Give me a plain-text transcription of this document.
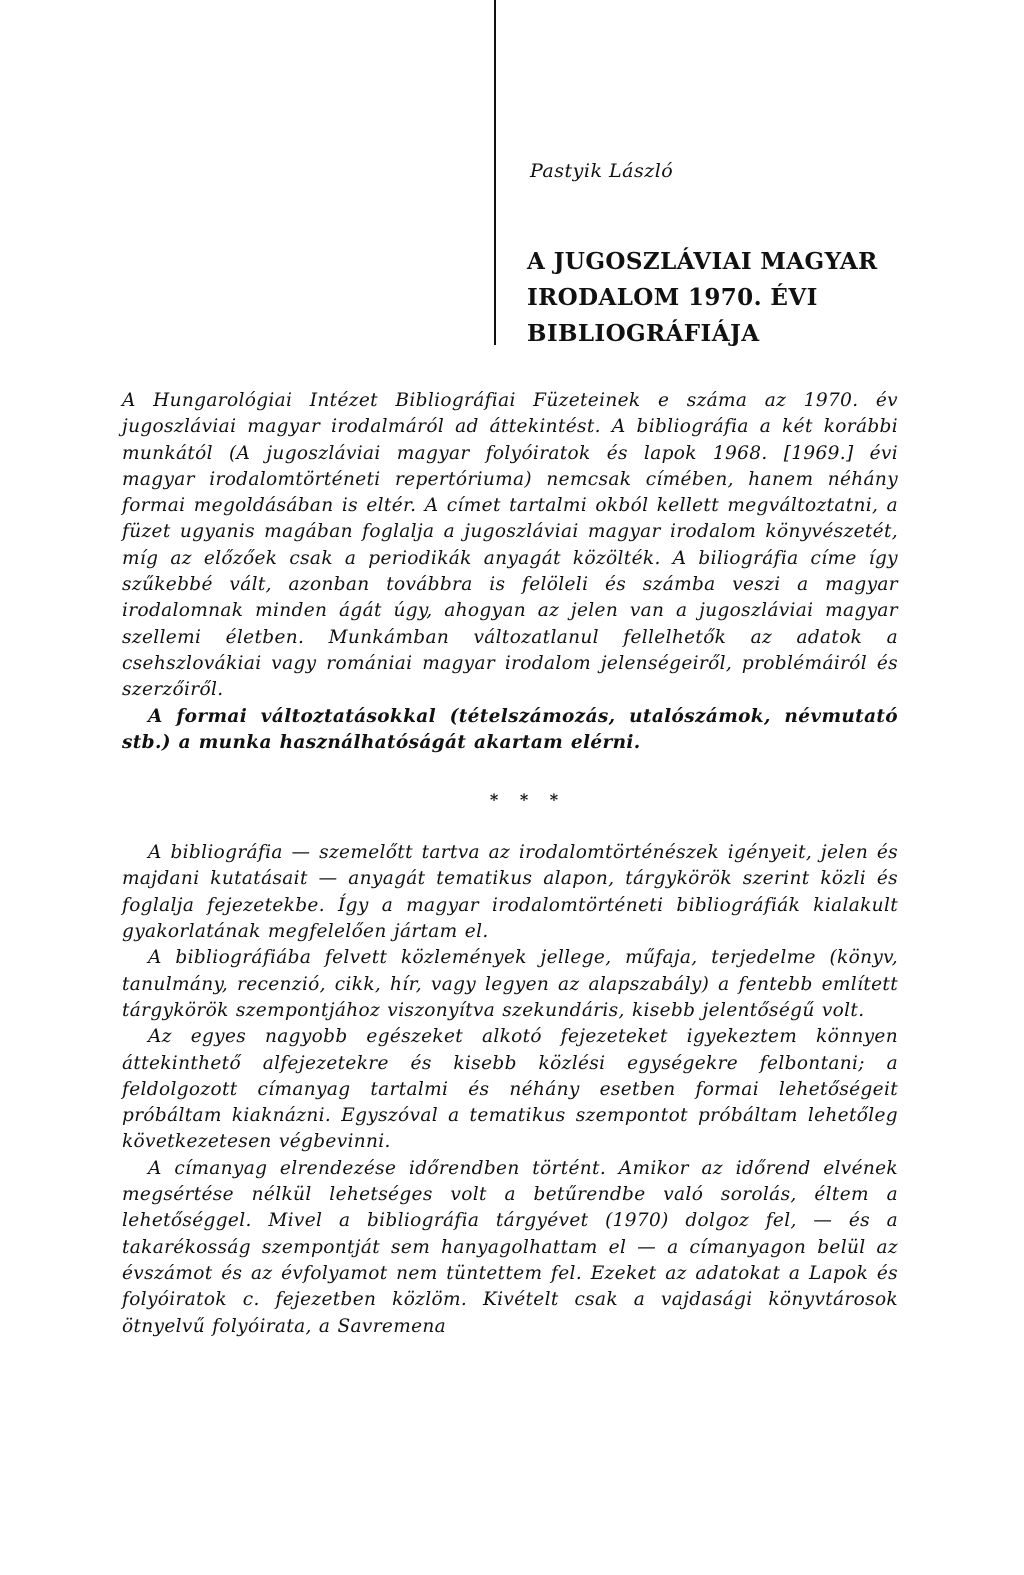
Pastyik László
A JUGOSZLÁVIAI MAGYAR
IRODALOM 1970. ÉVI
BIBLIOGRÁFIÁJA

A Hungarológiai Intézet Bibliográfiai Füzeteinek e száma az 1970. év jugoszláviai magyar irodalmáról ad áttekintést. A bibliográfia a két korábbi munkától (A jugoszláviai magyar folyóiratok és lapok 1968. [1969.] évi magyar irodalomtörténeti repertóriuma) nemcsak címében, hanem néhány formai megoldásában is eltér. A címet tartalmi okból kellett megváltoztatni, a füzet ugyanis magában foglalja a jugoszláviai magyar irodalom könyvészetét, míg az előzőek csak a periodikák anyagát közölték. A biliográfia címe így szűkebbé vált, azonban továbbra is felöleli és számba veszi a magyar irodalomnak minden ágát úgy, ahogyan az jelen van a jugoszláviai magyar szellemi életben. Munkámban változatlanul fellelhetők az adatok a csehszlovákiai vagy romániai magyar irodalom jelenségeiről, problémáiról és szerzőiről.

A formai változtatásokkal (tételszámozás, utalószámok, névmutató stb.) a munka használhatóságát akartam elérni.

* * *

A bibliográfia — szemelőtt tartva az irodalomtörténészek igényeit, jelen és majdani kutatásait — anyagát tematikus alapon, tárgykörök szerint közli és foglalja fejezetekbe. Így a magyar irodalomtörténeti bibliográfiák kialakult gyakorlatának megfelelően jártam el.

A bibliográfiába felvett közlemények jellege, műfaja, terjedelme (könyv, tanulmány, recenzió, cikk, hír, vagy legyen az alapszabály) a fentebb említett tárgykörök szempontjához viszonyítva szekundáris, kisebb jelentőségű volt.

Az egyes nagyobb egészeket alkotó fejezeteket igyekeztem könnyen áttekinthető alfejezetekre és kisebb közlési egységekre felbontani; a feldolgozott címanyag tartalmi és néhány esetben formai lehetőségeit próbáltam kiaknázni. Egyszóval a tematikus szempontot próbáltam lehetőleg következetesen végbevinni.

A címanyag elrendezése időrendben történt. Amikor az időrend elvének megsértése nélkül lehetséges volt a betűrendbe való sorolás, éltem a lehetőséggel. Mivel a bibliográfia tárgyévet (1970) dolgoz fel, — és a takarékosság szempontját sem hanyagolhattam el — a címanyagon belül az évszámot és az évfolyamot nem tüntettem fel. Ezeket az adatokat a Lapok és folyóiratok c. fejezetben közlöm. Kivételt csak a vajdasági könyvtárosok ötnyelvű folyóirata, a Savremena
